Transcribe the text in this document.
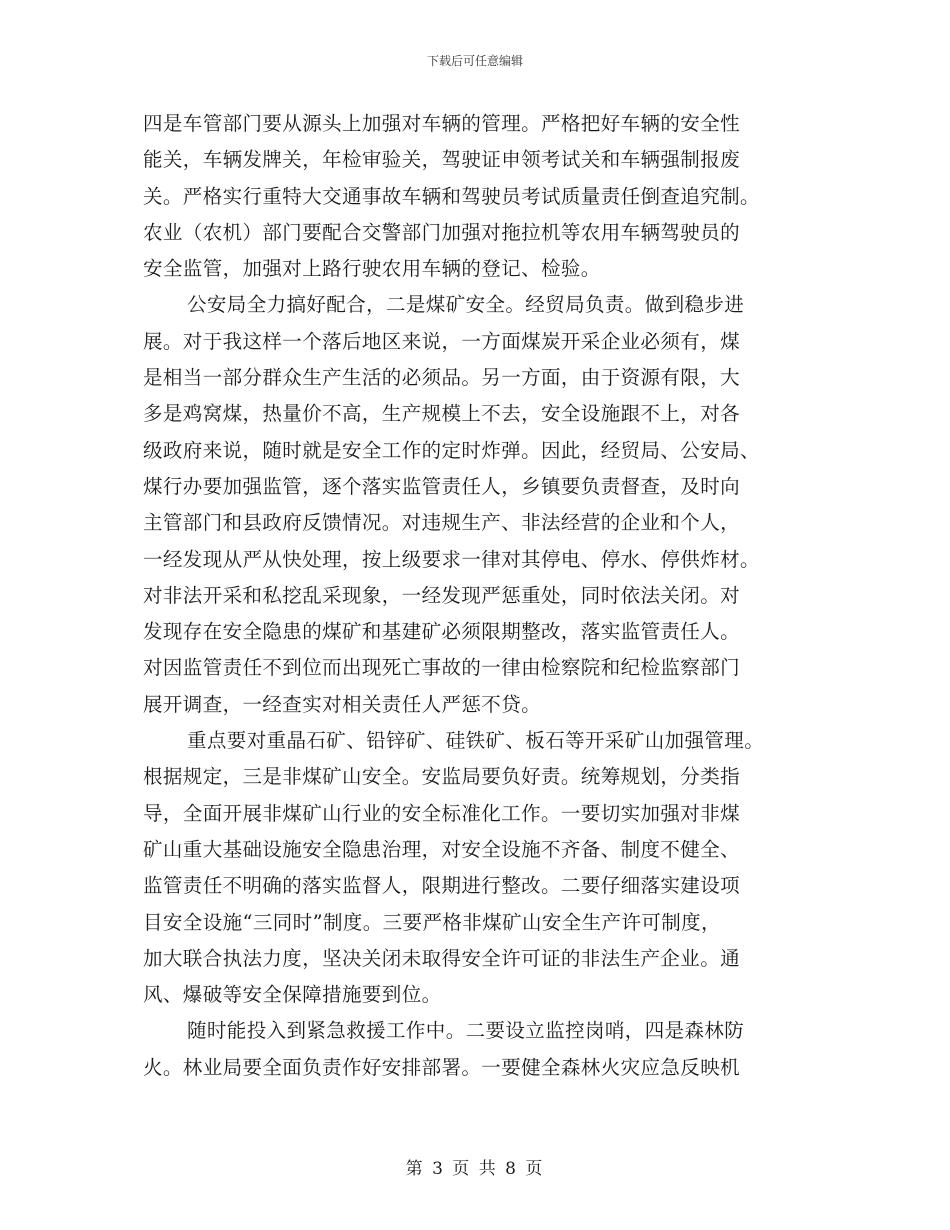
下载后可任意编辑
四是车管部门要从源头上加强对车辆的管理。严格把好车辆的安全性
能关，车辆发牌关，年检审验关，驾驶证申领考试关和车辆强制报废
关。严格实行重特大交通事故车辆和驾驶员考试质量责任倒查追究制。
农业（农机）部门要配合交警部门加强对拖拉机等农用车辆驾驶员的
安全监管，加强对上路行驶农用车辆的登记、检验。
公安局全力搞好配合，二是煤矿安全。经贸局负责。做到稳步进
展。对于我这样一个落后地区来说，一方面煤炭开采企业必须有，煤
是相当一部分群众生产生活的必须品。另一方面，由于资源有限，大
多是鸡窝煤，热量价不高，生产规模上不去，安全设施跟不上，对各
级政府来说，随时就是安全工作的定时炸弹。因此，经贸局、公安局、
煤行办要加强监管，逐个落实监管责任人，乡镇要负责督查，及时向
主管部门和县政府反馈情况。对违规生产、非法经营的企业和个人，
一经发现从严从快处理，按上级要求一律对其停电、停水、停供炸材。
对非法开采和私挖乱采现象，一经发现严惩重处，同时依法关闭。对
发现存在安全隐患的煤矿和基建矿必须限期整改，落实监管责任人。
对因监管责任不到位而出现死亡事故的一律由检察院和纪检监察部门
展开调查，一经查实对相关责任人严惩不贷。
重点要对重晶石矿、铅锌矿、硅铁矿、板石等开采矿山加强管理。
根据规定，三是非煤矿山安全。安监局要负好责。统筹规划，分类指
导，全面开展非煤矿山行业的安全标准化工作。一要切实加强对非煤
矿山重大基础设施安全隐患治理，对安全设施不齐备、制度不健全、
监管责任不明确的落实监督人，限期进行整改。二要仔细落实建设项
目安全设施“三同时”制度。三要严格非煤矿山安全生产许可制度，
加大联合执法力度，坚决关闭未取得安全许可证的非法生产企业。通
风、爆破等安全保障措施要到位。
随时能投入到紧急救援工作中。二要设立监控岗哨，四是森林防
火。林业局要全面负责作好安排部署。一要健全森林火灾应急反映机
第 3 页 共 8 页
